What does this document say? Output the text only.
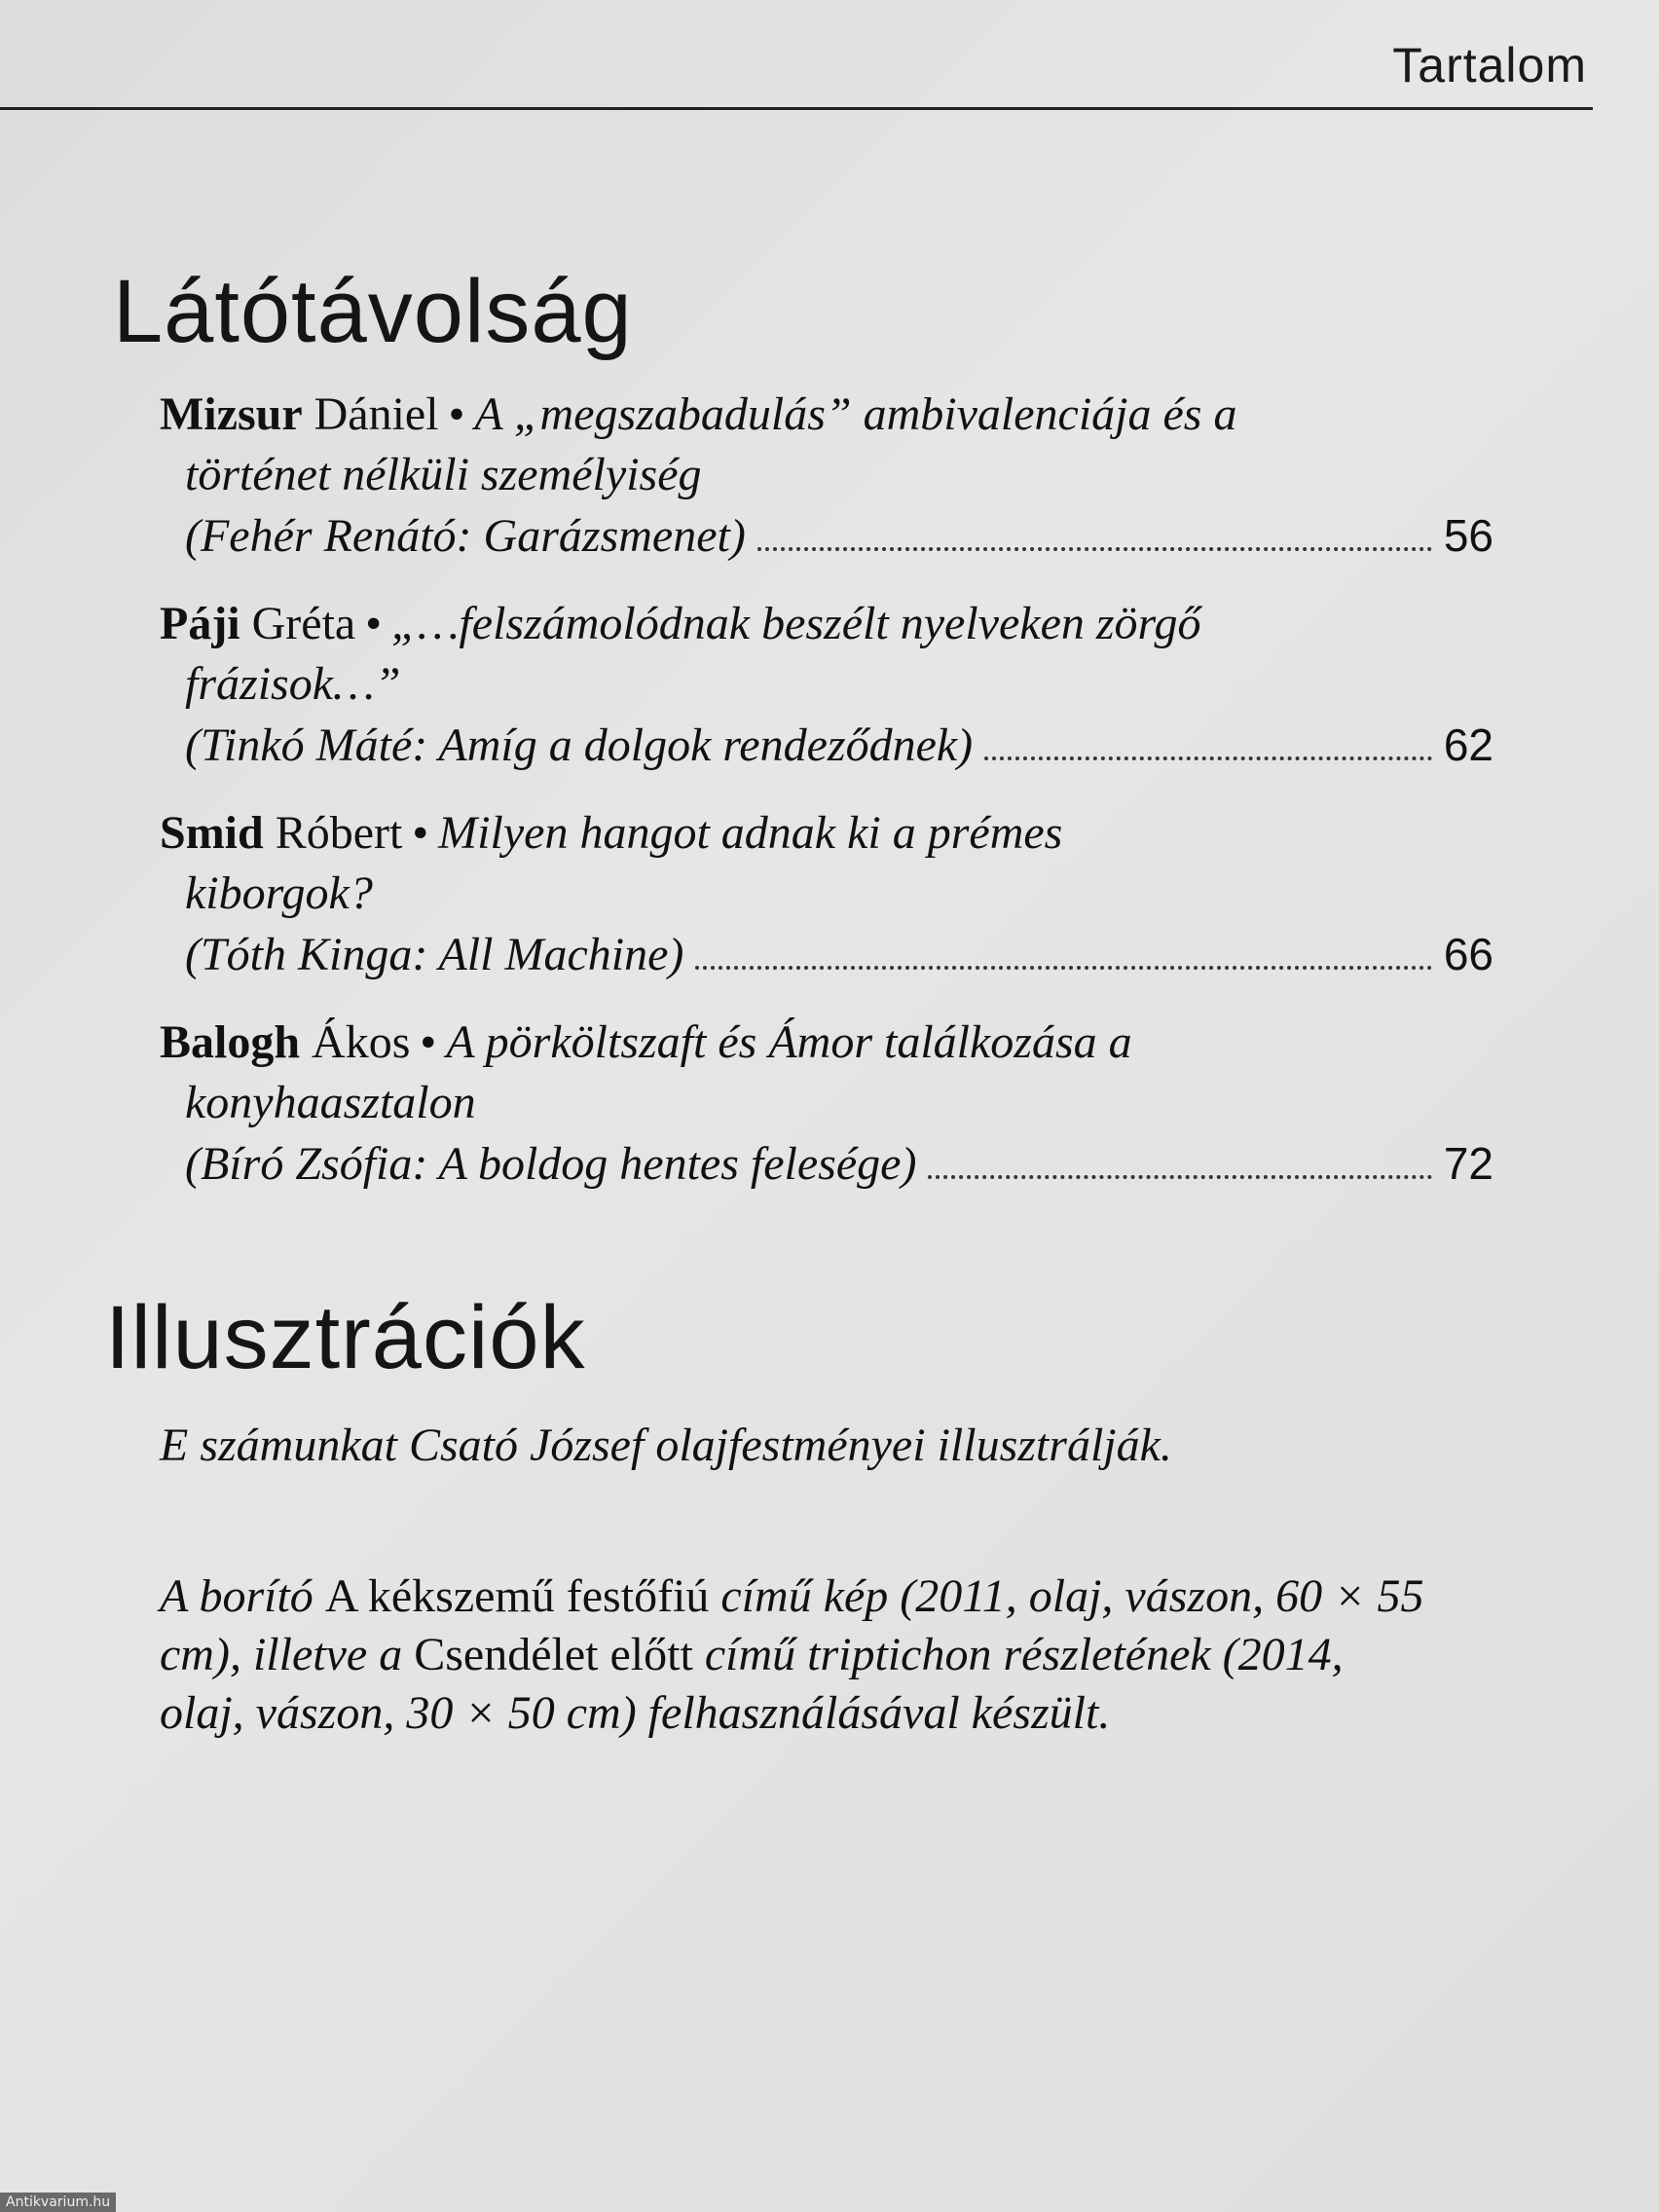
Tartalom
Látótávolság
Mizsur Dániel • A „megszabadulás” ambivalenciája és a
történet nélküli személyiség
(Fehér Renátó: Garázsmenet)	56
Páji Gréta • „…felszámolódnak beszélt nyelveken zörgő
frázisok…”
(Tinkó Máté: Amíg a dolgok rendeződnek)	62
Smid Róbert • Milyen hangot adnak ki a prémes
kiborgok?
(Tóth Kinga: All Machine)	66
Balogh Ákos • A pörköltszaft és Ámor találkozása a
konyhaasztalon
(Bíró Zsófia: A boldog hentes felesége)	72
Illusztrációk
E számunkat Csató József olajfestményei illusztrálják.
A borító A kékszemű festőfiú című kép (2011, olaj, vászon, 60 × 55 cm), illetve a Csendélet előtt című triptichon részletének (2014, olaj, vászon, 30 × 50 cm) felhasználásával készült.
Antikvarium.hu
